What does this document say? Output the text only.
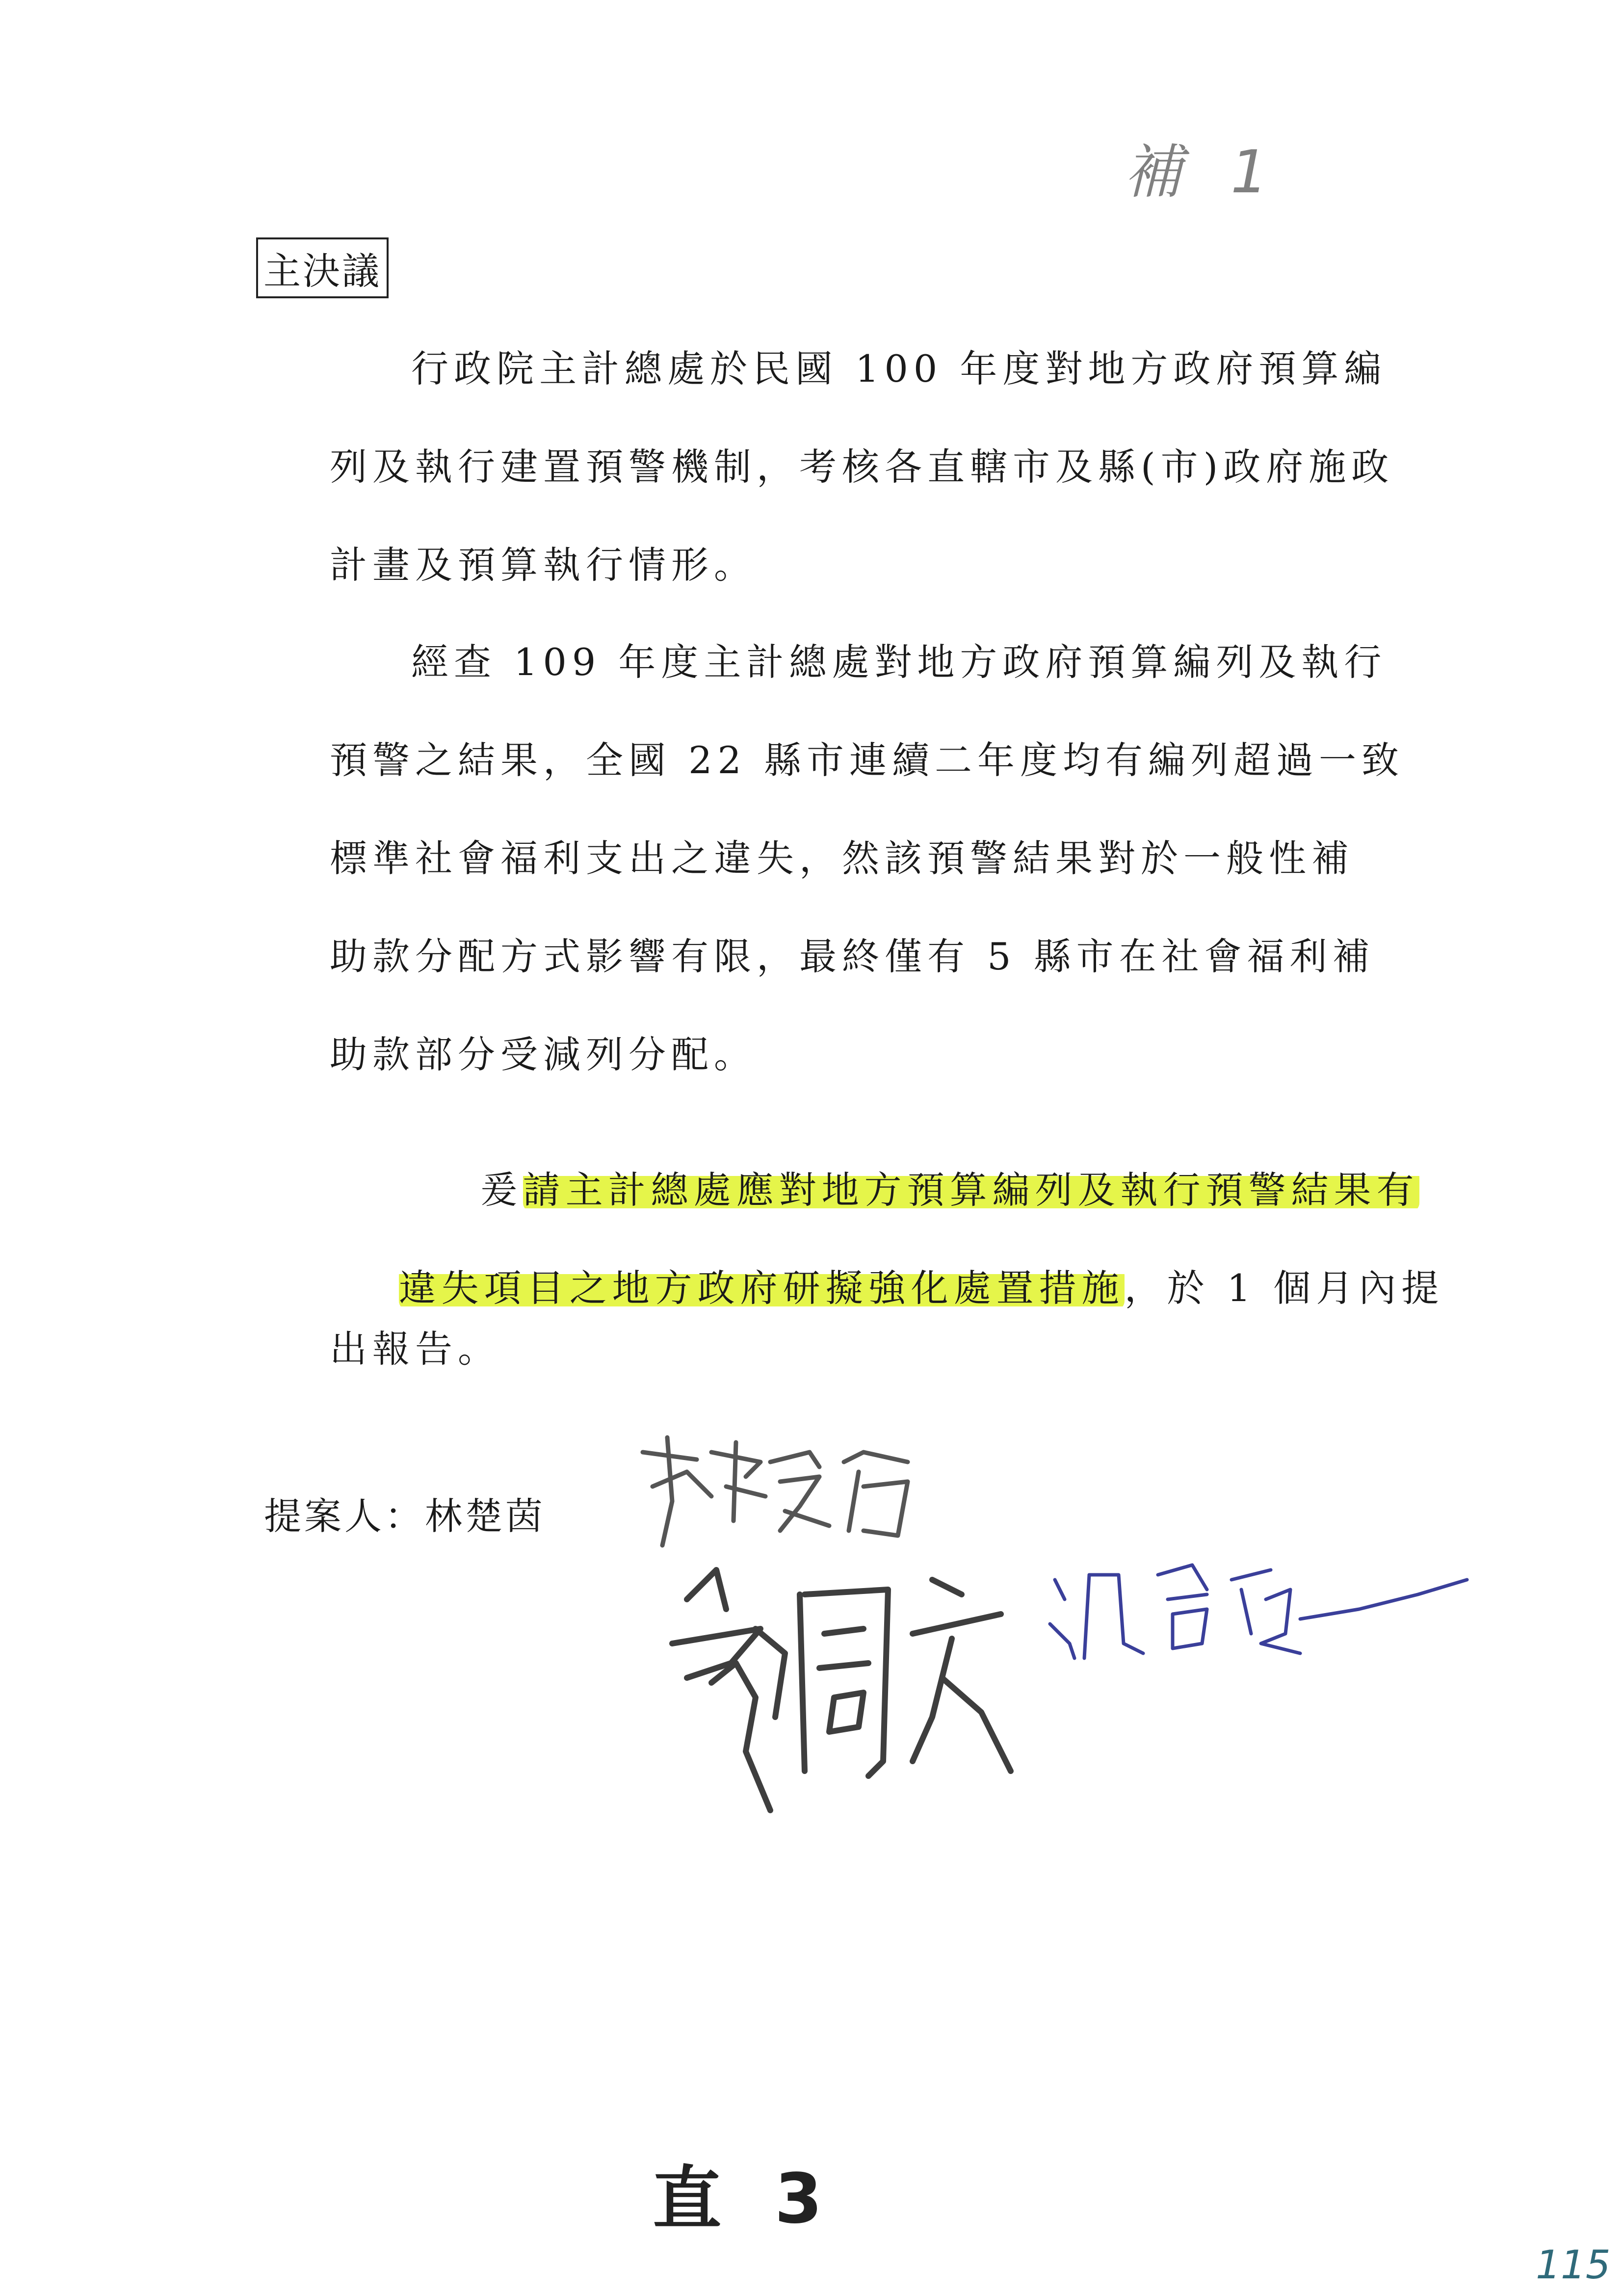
補 1
主決議
行政院主計總處於民國 100 年度對地方政府預算編
列及執行建置預警機制，考核各直轄市及縣(市)政府施政
計畫及預算執行情形。
經查 109 年度主計總處對地方政府預算編列及執行
預警之結果，全國 22 縣市連續二年度均有編列超過一致
標準社會福利支出之違失，然該預警結果對於一般性補
助款分配方式影響有限，最終僅有 5 縣市在社會福利補
助款部分受減列分配。

爰請主計總處應對地方預算編列及執行預警結果有

違失項目之地方政府研擬強化處置措施，於 1 個月內提

出報告。
提案人：林楚茵
直 3
115
